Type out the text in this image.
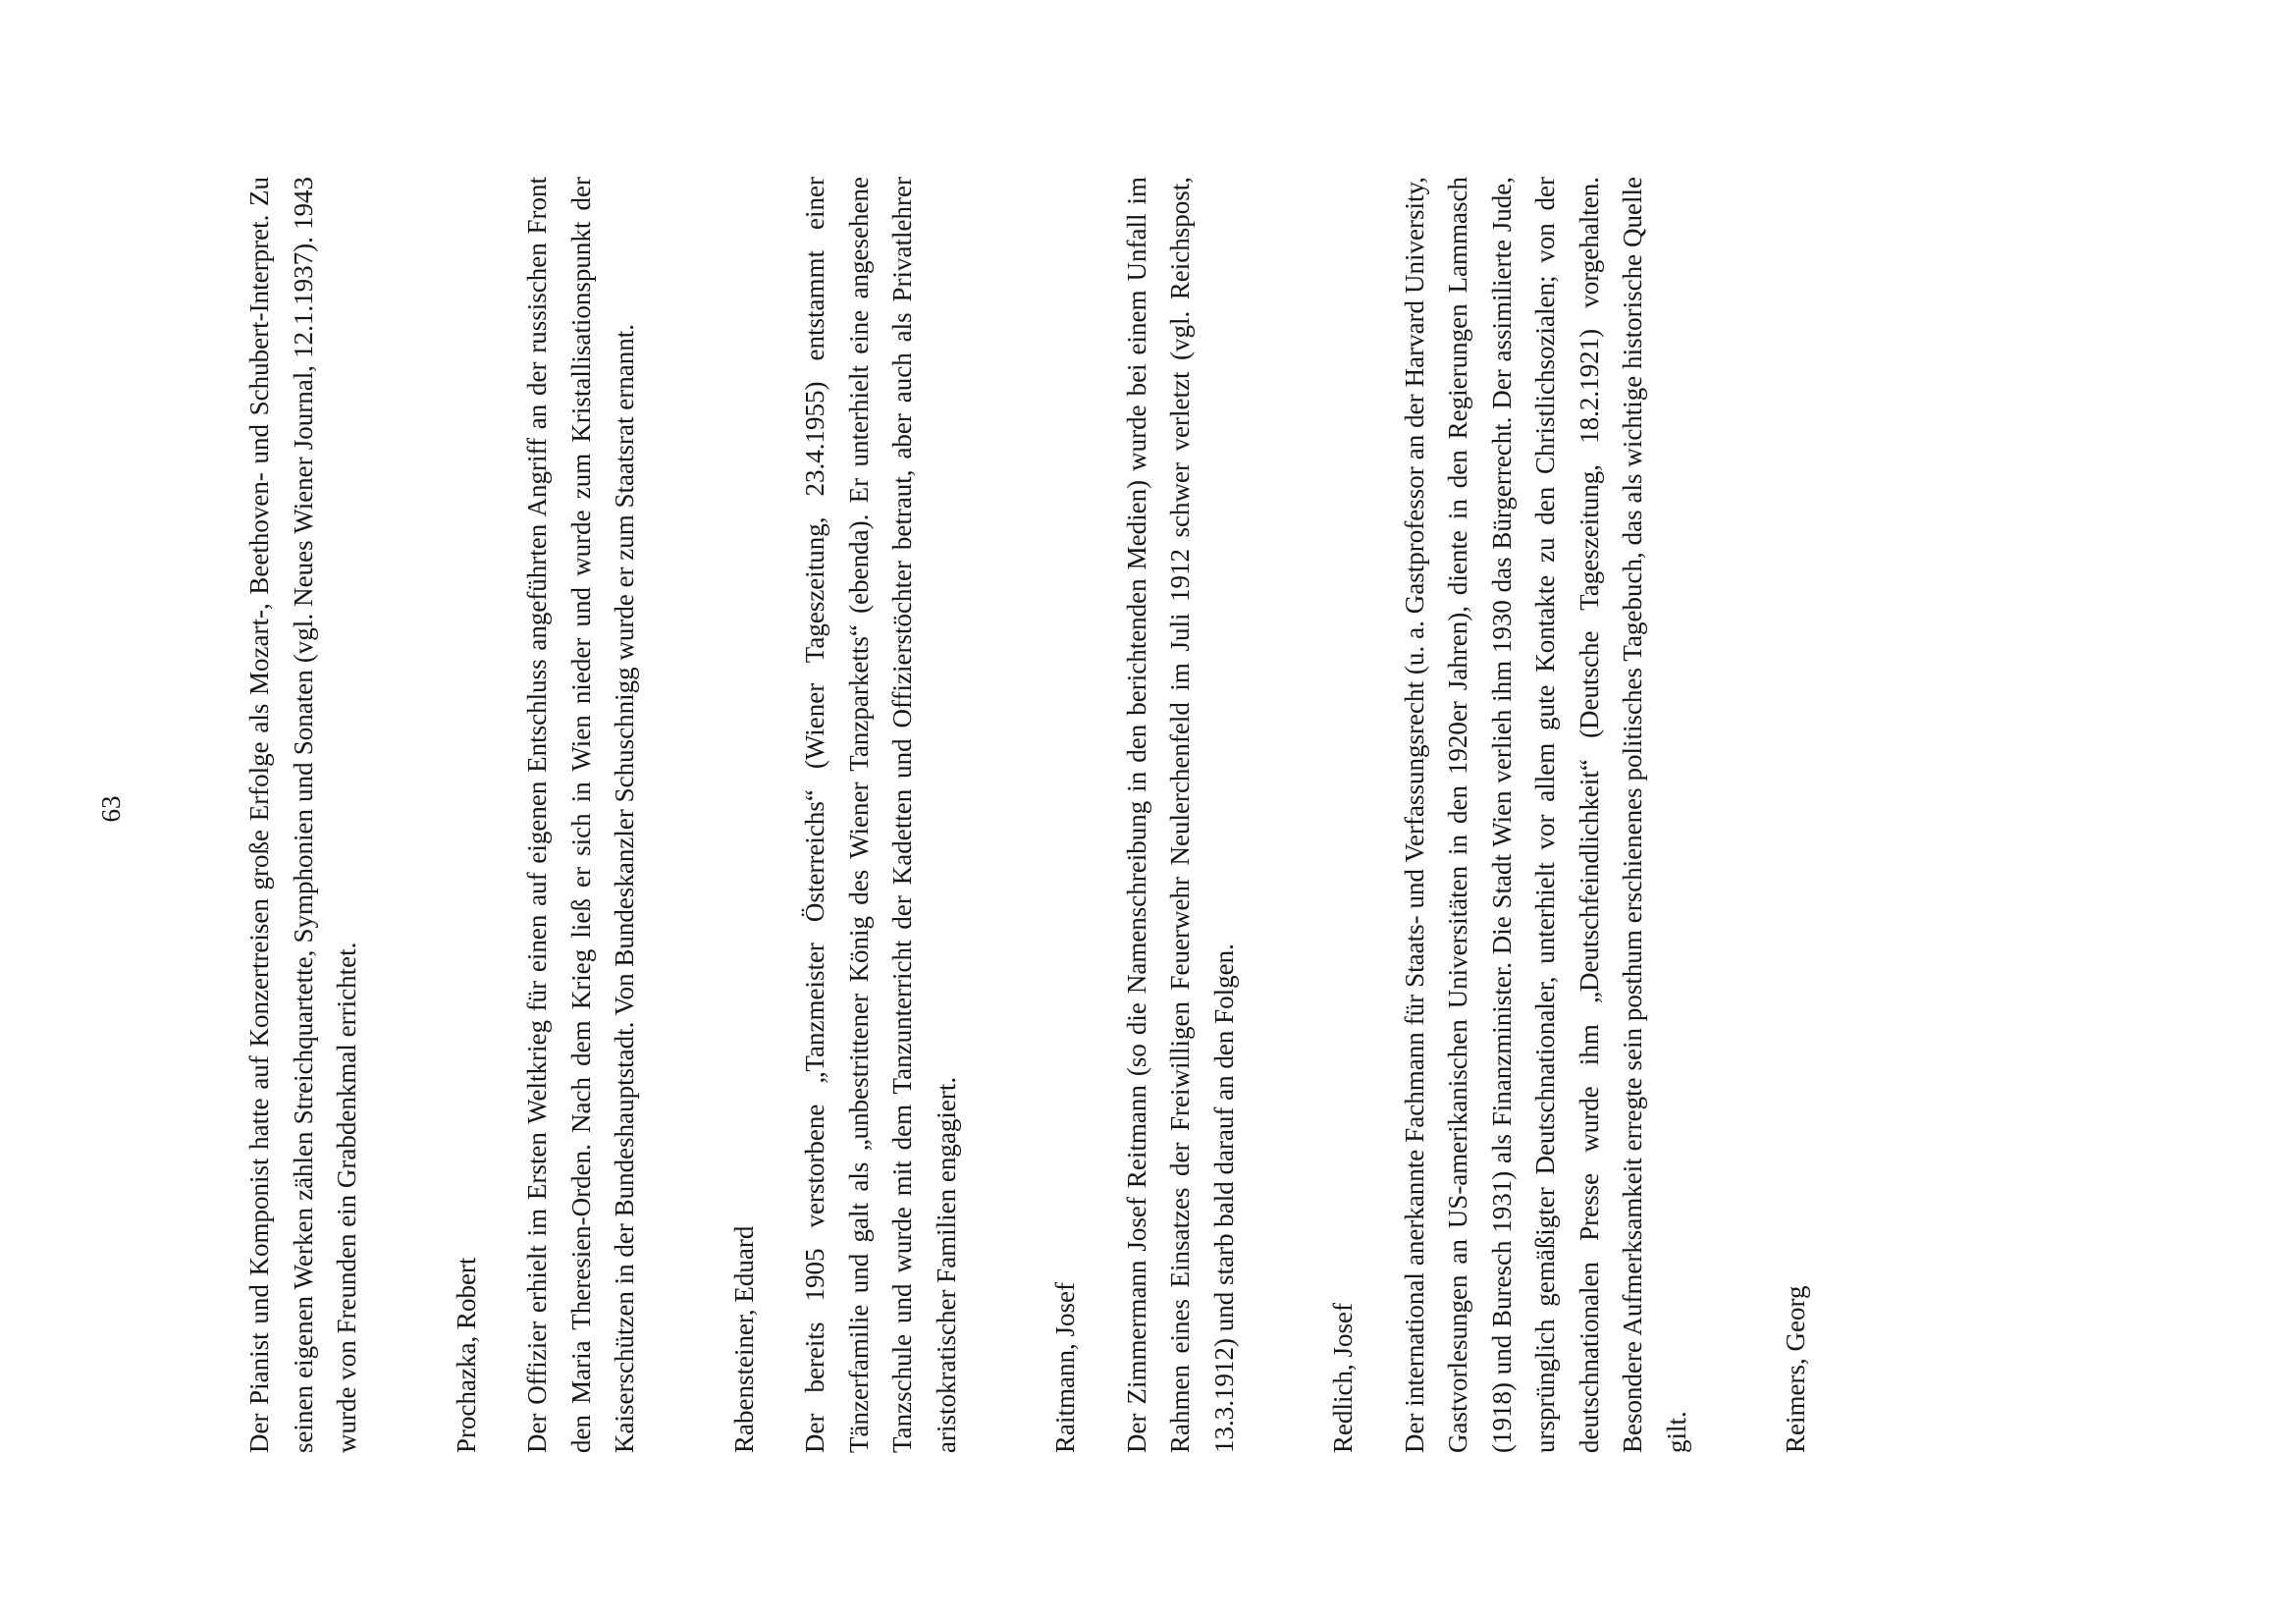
63	Der Pianist und Komponist hatte auf Konzertreisen große Erfolge als Mozart-, Beethoven- und Schubert-Interpret. Zu seinen eigenen Werken zählen Streichquartette, Symphonien und Sonaten (vgl. Neues Wiener Journal, 12.1.1937). 1943 wurde von Freunden ein Grabdenkmal errichtet.	Prochazka, Robert Der Offizier erhielt im Ersten Weltkrieg für einen auf eigenen Entschluss angeführten Angriff an der russischen Front den Maria Theresien-Orden. Nach dem Krieg ließ er sich in Wien nieder und wurde zum Kristallisationspunkt der Kaiserschützen in der Bundeshauptstadt. Von Bundeskanzler Schuschnigg wurde er zum Staatsrat ernannt.	Rabensteiner, Eduard Der bereits 1905 verstorbene „Tanzmeister Österreichs“ (Wiener Tageszeitung, 23.4.1955) entstammt einer Tänzerfamilie und galt als „unbestrittener König des Wiener Tanzparketts“ (ebenda). Er unterhielt eine angesehene Tanzschule und wurde mit dem Tanzunterricht der Kadetten und Offizierstöchter betraut, aber auch als Privatlehrer aristokratischer Familien engagiert.	Raitmann, Josef Der Zimmermann Josef Reitmann (so die Namenschreibung in den berichtenden Medien) wurde bei einem Unfall im Rahmen eines Einsatzes der Freiwilligen Feuerwehr Neulerchenfeld im Juli 1912 schwer verletzt (vgl. Reichspost, 13.3.1912) und starb bald darauf an den Folgen.	Redlich, Josef Der international anerkannte Fachmann für Staats- und Verfassungsrecht (u. a. Gastprofessor an der Harvard University, Gastvorlesungen an US-amerikanischen Universitäten in den 1920er Jahren), diente in den Regierungen Lammasch (1918) und Buresch 1931) als Finanzminister. Die Stadt Wien verlieh ihm 1930 das Bürgerrecht. Der assimilierte Jude, ursprünglich gemäßigter Deutschnationaler, unterhielt vor allem gute Kontakte zu den Christlichsozialen; von der deutschnationalen Presse wurde ihm „Deutschfeindlichkeit“ (Deutsche Tageszeitung, 18.2.1921) vorgehalten. Besondere Aufmerksamkeit erregte sein posthum erschienenes politisches Tagebuch, das als wichtige historische Quelle gilt.	Reimers, Georg
